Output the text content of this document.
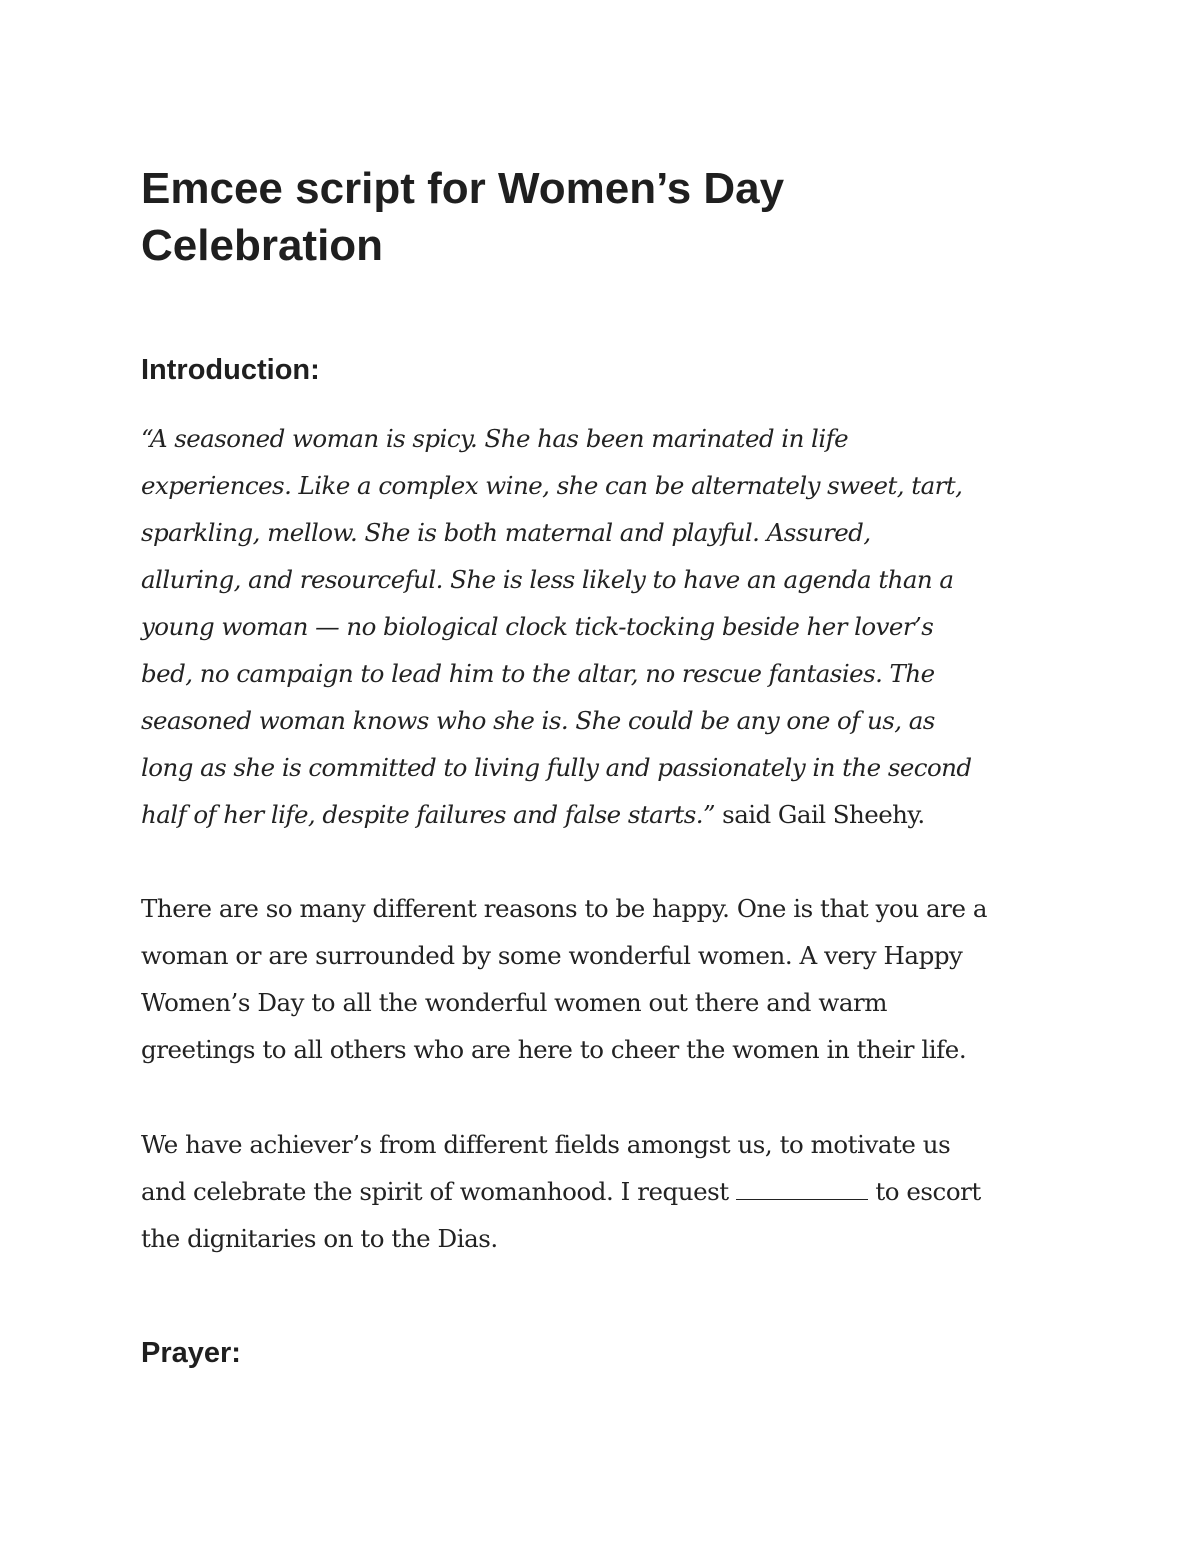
Emcee script for Women’s Day
Celebration
Introduction:

“A seasoned woman is spicy. She has been marinated in life
experiences. Like a complex wine, she can be alternately sweet, tart,
sparkling, mellow. She is both maternal and playful. Assured,
alluring, and resourceful. She is less likely to have an agenda than a
young woman — no biological clock tick-tocking beside her lover’s
bed, no campaign to lead him to the altar, no rescue fantasies. The
seasoned woman knows who she is. She could be any one of us, as
long as she is committed to living fully and passionately in the second
half of her life, despite failures and false starts.” said Gail Sheehy.

There are so many different reasons to be happy. One is that you are a
woman or are surrounded by some wonderful women. A very Happy
Women’s Day to all the wonderful women out there and warm
greetings to all others who are here to cheer the women in their life.

We have achiever’s from different fields amongst us, to motivate us
and celebrate the spirit of womanhood. I request	to escort
the dignitaries on to the Dias.

Prayer:
